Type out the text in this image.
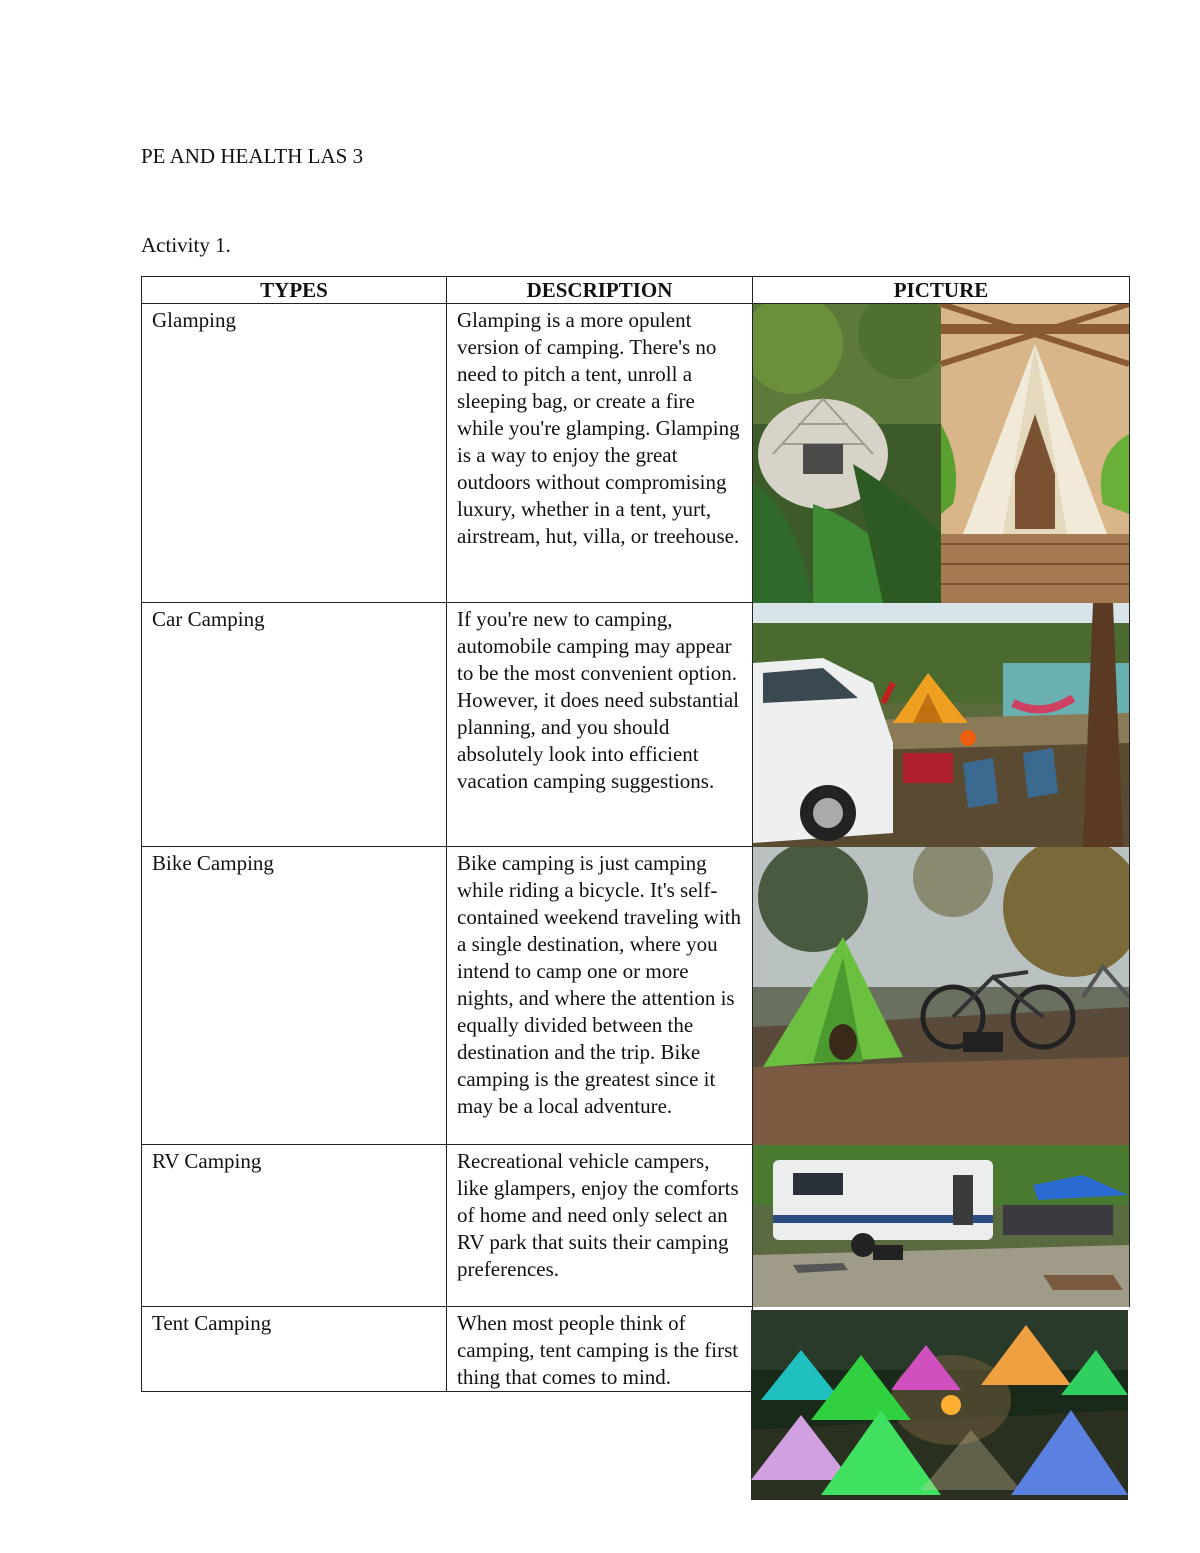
PE AND HEALTH LAS 3
Activity 1.
TYPES	DESCRIPTION	PICTURE
Glamping	Glamping is a more opulent version of camping. There's no need to pitch a tent, unroll a sleeping bag, or create a fire while you're glamping. Glamping is a way to enjoy the great outdoors without compromising luxury, whether in a tent, yurt, airstream, hut, villa, or treehouse.	

Car Camping	If you're new to camping, automobile camping may appear to be the most convenient option. However, it does need substantial planning, and you should absolutely look into efficient vacation camping suggestions.	

Bike Camping	Bike camping is just camping while riding a bicycle. It's self-contained weekend traveling with a single destination, where you intend to camp one or more nights, and where the attention is equally divided between the destination and the trip. Bike camping is the greatest since it may be a local adventure.	

RV Camping	Recreational vehicle campers, like glampers, enjoy the comforts of home and need only select an RV park that suits their camping preferences.	

Tent Camping	When most people think of camping, tent camping is the first thing that comes to mind.	
